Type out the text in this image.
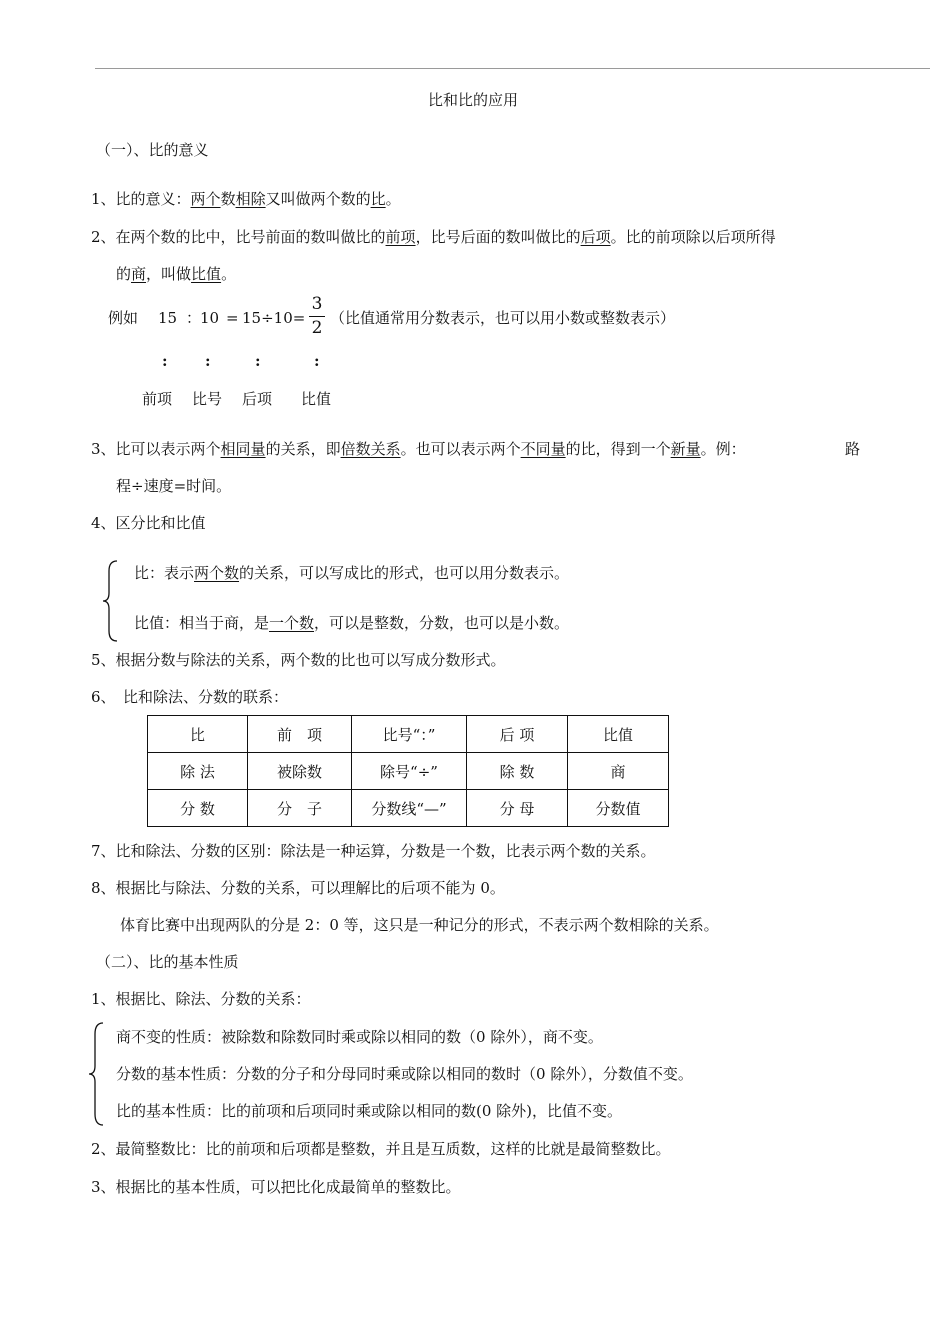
比和比的应用
（一）、比的意义
1、比的意义：两个数相除又叫做两个数的比。
2、在两个数的比中，比号前面的数叫做比的前项，比号后面的数叫做比的后项。比的前项除以后项所得
的商，叫做比值。
例如 15 ：
10 = 15÷10=
3
2 （比值通常用分数表示，也可以用小数或整数表示）
: :	:	:
前项 比号 后项 比值
3、比可以表示两个相同量的关系，即倍数关系。也可以表示两个不同量的比，得到一个新量。例：	路
程÷速度=时间。
4、区分比和比值
比：表示两个数的关系，可以写成比的形式，也可以用分数表示。
比值：相当于商，是一个数，可以是整数，分数，也可以是小数。
5、根据分数与除法的关系，两个数的比也可以写成分数形式。
6、　比和除法、分数的联系：
比	前　项	比号“：”	后 项	比值
除 法	被除数	除号“÷”	除 数	商
分 数	分　子	分数线“—”	分 母	分数值
7、比和除法、分数的区别：除法是一种运算，分数是一个数，比表示两个数的关系。
8、根据比与除法、分数的关系，可以理解比的后项不能为 0。
体育比赛中出现两队的分是 2：0 等，这只是一种记分的形式，不表示两个数相除的关系。
（二）、比的基本性质
1、根据比、除法、分数的关系：
商不变的性质：被除数和除数同时乘或除以相同的数（0 除外），商不变。
分数的基本性质：分数的分子和分母同时乘或除以相同的数时（0 除外），分数值不变。
比的基本性质：比的前项和后项同时乘或除以相同的数(0 除外)，比值不变。
2、最简整数比：比的前项和后项都是整数，并且是互质数，这样的比就是最简整数比。
3、根据比的基本性质，可以把比化成最简单的整数比。
